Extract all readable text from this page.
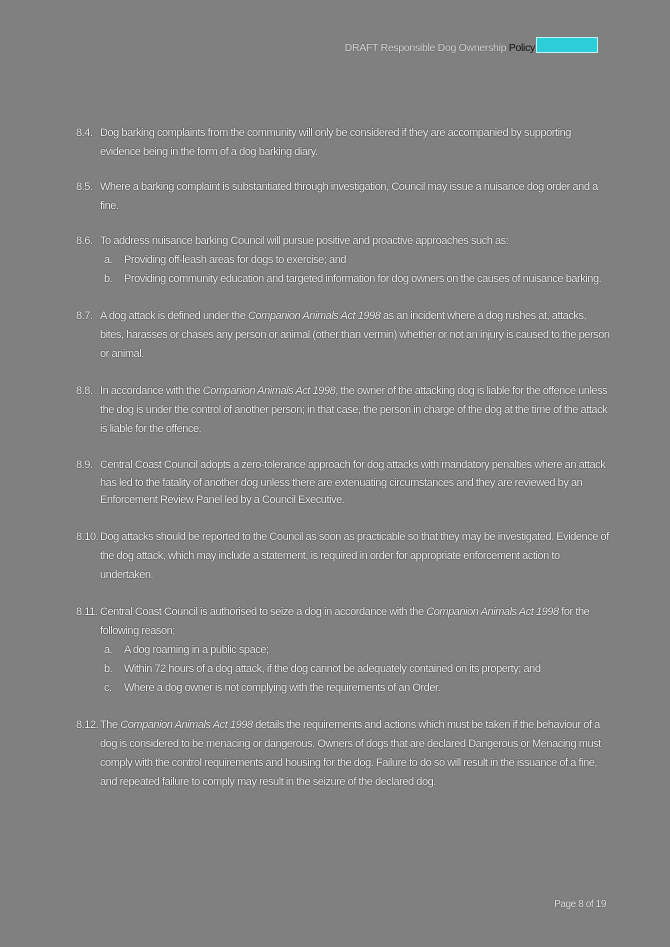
DRAFT Responsible Dog Ownership Policy
8.4. Dog barking complaints from the community will only be considered if they are accompanied by supporting evidence being in the form of a dog barking diary.
8.5. Where a barking complaint is substantiated through investigation, Council may issue a nuisance dog order and a fine.
8.6. To address nuisance barking Council will pursue positive and proactive approaches such as:
a. Providing off-leash areas for dogs to exercise; and
b. Providing community education and targeted information for dog owners on the causes of nuisance barking.
8.7. A dog attack is defined under the Companion Animals Act 1998 as an incident where a dog rushes at, attacks, bites, harasses or chases any person or animal (other than vermin) whether or not an injury is caused to the person or animal.
8.8. In accordance with the Companion Animals Act 1998, the owner of the attacking dog is liable for the offence unless the dog is under the control of another person; in that case, the person in charge of the dog at the time of the attack is liable for the offence.
8.9. Central Coast Council adopts a zero-tolerance approach for dog attacks with mandatory penalties where an attack has led to the fatality of another dog unless there are extenuating circumstances and they are reviewed by an Enforcement Review Panel led by a Council Executive.
8.10. Dog attacks should be reported to the Council as soon as practicable so that they may be investigated. Evidence of the dog attack, which may include a statement, is required in order for appropriate enforcement action to undertaken.
8.11. Central Coast Council is authorised to seize a dog in accordance with the Companion Animals Act 1998 for the following reason;
a. A dog roaming in a public space;
b. Within 72 hours of a dog attack, if the dog cannot be adequately contained on its property; and
c. Where a dog owner is not complying with the requirements of an Order.
8.12. The Companion Animals Act 1998 details the requirements and actions which must be taken if the behaviour of a dog is considered to be menacing or dangerous. Owners of dogs that are declared Dangerous or Menacing must comply with the control requirements and housing for the dog. Failure to do so will result in the issuance of a fine, and repeated failure to comply may result in the seizure of the declared dog.
Page 8 of 19
